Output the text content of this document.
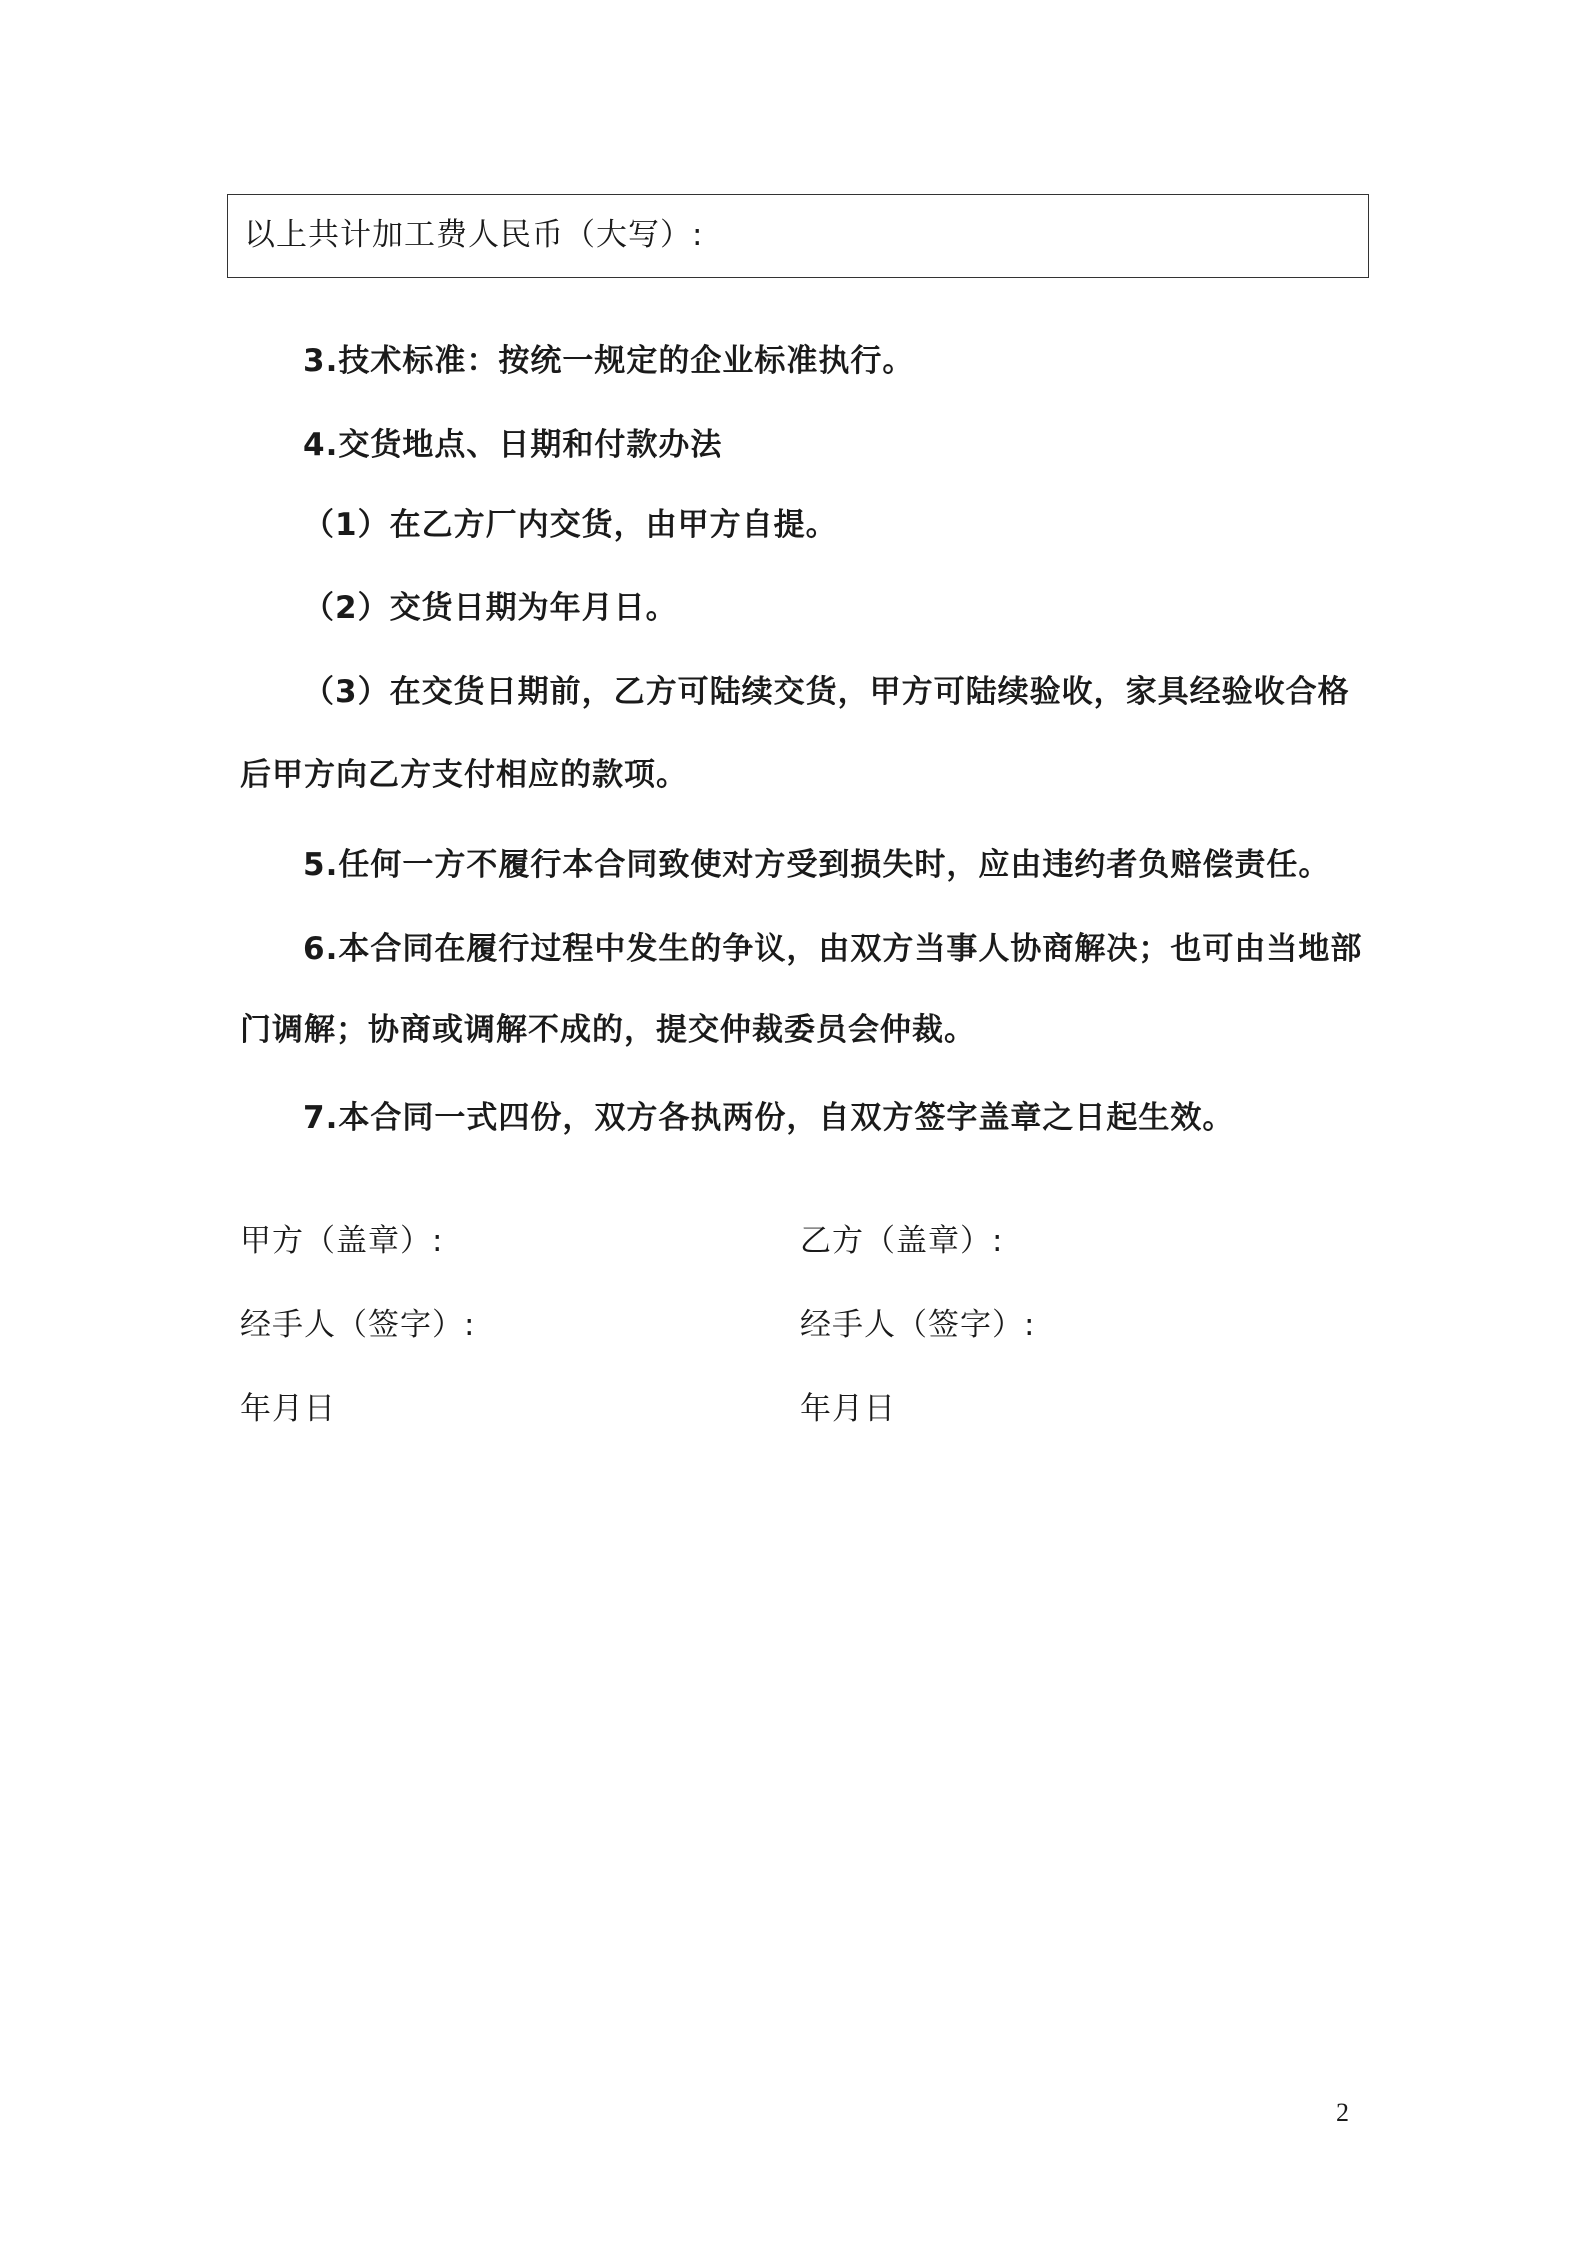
以上共计加工费人民币（大写）:
3.技术标准：按统一规定的企业标准执行。
4.交货地点、日期和付款办法
（1）在乙方厂内交货，由甲方自提。
（2）交货日期为年月日。
（3）在交货日期前，乙方可陆续交货，甲方可陆续验收，家具经验收合格
后甲方向乙方支付相应的款项。
5.任何一方不履行本合同致使对方受到损失时，应由违约者负赔偿责任。
6.本合同在履行过程中发生的争议，由双方当事人协商解决；也可由当地部
门调解；协商或调解不成的，提交仲裁委员会仲裁。
7.本合同一式四份，双方各执两份，自双方签字盖章之日起生效。
甲方（盖章）:
经手人（签字）:
年月日
乙方（盖章）:
经手人（签字）:
年月日
2
